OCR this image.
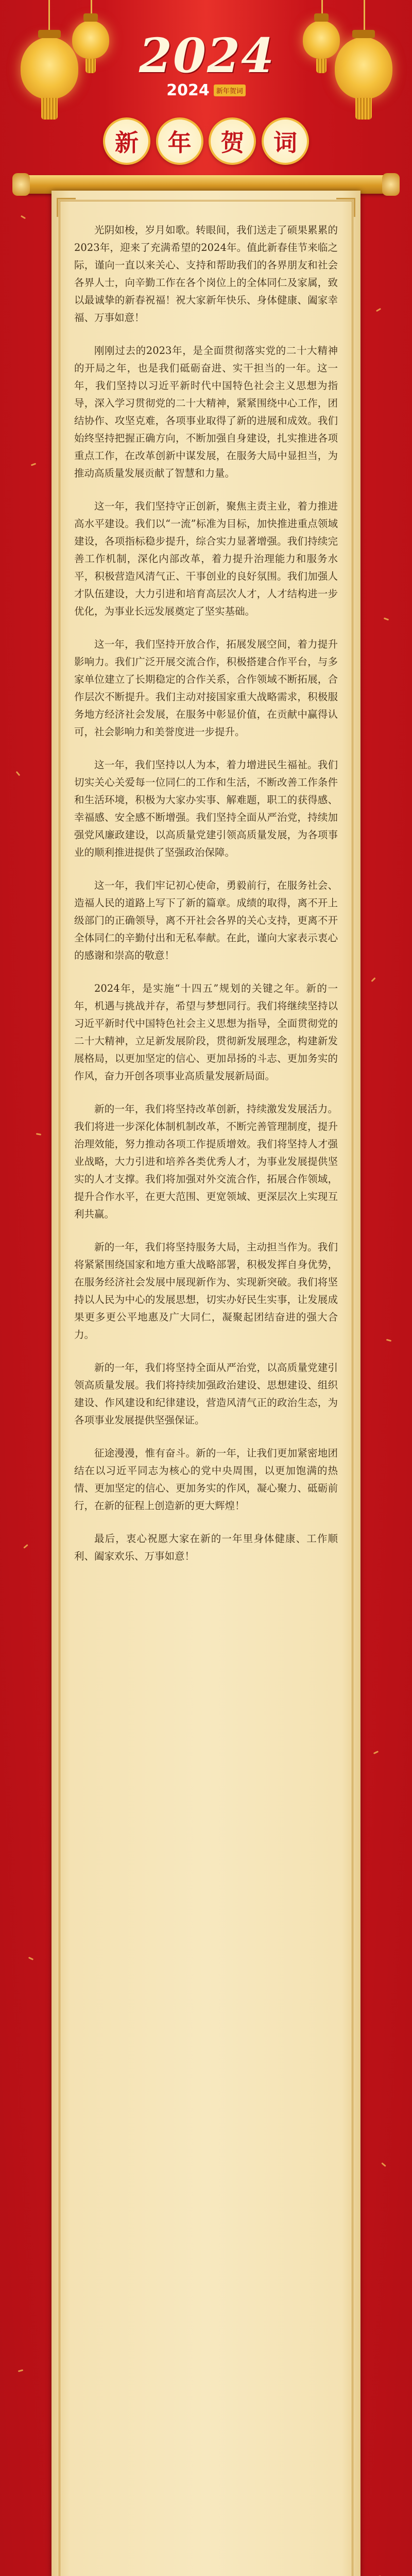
2024
2024	新年贺词
新	年	贺	词

光阴如梭，岁月如歌。转眼间，我们送走了硕果累累的2023年，迎来了充满希望的2024年。值此新春佳节来临之际，谨向一直以来关心、支持和帮助我们的各界朋友和社会各界人士，向辛勤工作在各个岗位上的全体同仁及家属，致以最诚挚的新春祝福！祝大家新年快乐、身体健康、阖家幸福、万事如意！

刚刚过去的2023年，是全面贯彻落实党的二十大精神的开局之年，也是我们砥砺奋进、实干担当的一年。这一年，我们坚持以习近平新时代中国特色社会主义思想为指导，深入学习贯彻党的二十大精神，紧紧围绕中心工作，团结协作、攻坚克难，各项事业取得了新的进展和成效。我们始终坚持把握正确方向，不断加强自身建设，扎实推进各项重点工作，在改革创新中谋发展，在服务大局中显担当，为推动高质量发展贡献了智慧和力量。

这一年，我们坚持守正创新，聚焦主责主业，着力推进高水平建设。我们以“一流”标准为目标，加快推进重点领域建设，各项指标稳步提升，综合实力显著增强。我们持续完善工作机制，深化内部改革，着力提升治理能力和服务水平，积极营造风清气正、干事创业的良好氛围。我们加强人才队伍建设，大力引进和培育高层次人才，人才结构进一步优化，为事业长远发展奠定了坚实基础。

这一年，我们坚持开放合作，拓展发展空间，着力提升影响力。我们广泛开展交流合作，积极搭建合作平台，与多家单位建立了长期稳定的合作关系，合作领域不断拓展，合作层次不断提升。我们主动对接国家重大战略需求，积极服务地方经济社会发展，在服务中彰显价值，在贡献中赢得认可，社会影响力和美誉度进一步提升。

这一年，我们坚持以人为本，着力增进民生福祉。我们切实关心关爱每一位同仁的工作和生活，不断改善工作条件和生活环境，积极为大家办实事、解难题，职工的获得感、幸福感、安全感不断增强。我们坚持全面从严治党，持续加强党风廉政建设，以高质量党建引领高质量发展，为各项事业的顺利推进提供了坚强政治保障。

这一年，我们牢记初心使命，勇毅前行，在服务社会、造福人民的道路上写下了新的篇章。成绩的取得，离不开上级部门的正确领导，离不开社会各界的关心支持，更离不开全体同仁的辛勤付出和无私奉献。在此，谨向大家表示衷心的感谢和崇高的敬意！

2024年，是实施“十四五”规划的关键之年。新的一年，机遇与挑战并存，希望与梦想同行。我们将继续坚持以习近平新时代中国特色社会主义思想为指导，全面贯彻党的二十大精神，立足新发展阶段，贯彻新发展理念，构建新发展格局，以更加坚定的信心、更加昂扬的斗志、更加务实的作风，奋力开创各项事业高质量发展新局面。

新的一年，我们将坚持改革创新，持续激发发展活力。我们将进一步深化体制机制改革，不断完善管理制度，提升治理效能，努力推动各项工作提质增效。我们将坚持人才强业战略，大力引进和培养各类优秀人才，为事业发展提供坚实的人才支撑。我们将加强对外交流合作，拓展合作领域，提升合作水平，在更大范围、更宽领域、更深层次上实现互利共赢。

新的一年，我们将坚持服务大局，主动担当作为。我们将紧紧围绕国家和地方重大战略部署，积极发挥自身优势，在服务经济社会发展中展现新作为、实现新突破。我们将坚持以人民为中心的发展思想，切实办好民生实事，让发展成果更多更公平地惠及广大同仁，凝聚起团结奋进的强大合力。

新的一年，我们将坚持全面从严治党，以高质量党建引领高质量发展。我们将持续加强政治建设、思想建设、组织建设、作风建设和纪律建设，营造风清气正的政治生态，为各项事业发展提供坚强保证。

征途漫漫，惟有奋斗。新的一年，让我们更加紧密地团结在以习近平同志为核心的党中央周围，以更加饱满的热情、更加坚定的信心、更加务实的作风，凝心聚力、砥砺前行，在新的征程上创造新的更大辉煌！

最后，衷心祝愿大家在新的一年里身体健康、工作顺利、阖家欢乐、万事如意！
